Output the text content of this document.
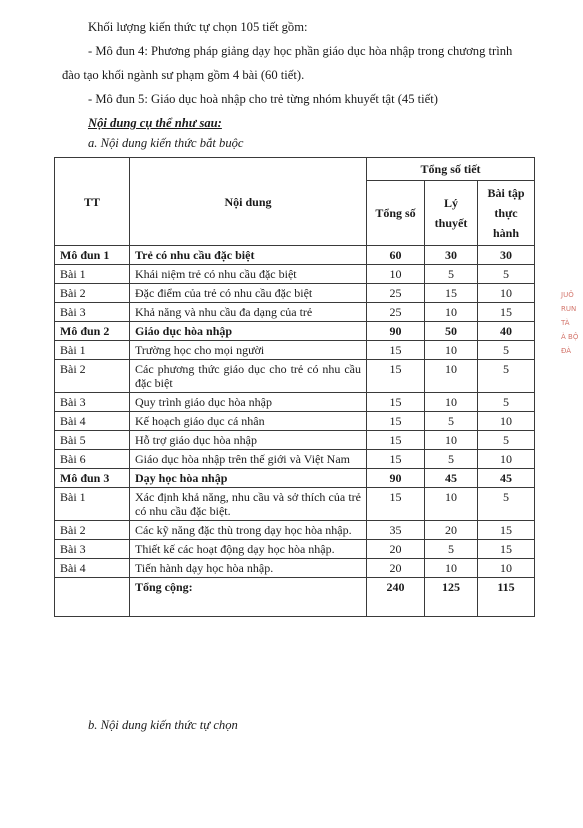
Khối lượng kiến thức tự chọn 105 tiết gồm:
- Mô đun 4: Phương pháp giảng dạy học phần giáo dục hòa nhập trong chương trình
đào tạo khối ngành sư phạm gồm 4 bài (60 tiết).
- Mô đun 5: Giáo dục hoà nhập cho trẻ từng nhóm khuyết tật (45 tiết)
Nội dung cụ thể như sau:
a. Nội dung kiến thức bắt buộc
TT	Nội dung	Tổng số tiết		
		Tổng số	Lý thuyết	Bài tập thực hành
Mô đun 1	Trẻ có nhu cầu đặc biệt	60	30	30
Bài 1	Khái niệm trẻ có nhu cầu đặc biệt	10	5	5
Bài 2	Đặc điểm của trẻ có nhu cầu đặc biệt	25	15	10
Bài 3	Khả năng và nhu cầu đa dạng của trẻ	25	10	15
Mô đun 2	Giáo dục hòa nhập	90	50	40
Bài 1	Trường học cho mọi người	15	10	5
Bài 2	Các phương thức giáo dục cho trẻ có nhu cầu đặc biệt	15	10	5
Bài 3	Quy trình giáo dục hòa nhập	15	10	5
Bài 4	Kế hoạch giáo dục cá nhân	15	5	10
Bài 5	Hỗ trợ giáo dục hòa nhập	15	10	5
Bài 6	Giáo dục hòa nhập trên thế giới và Việt Nam	15	5	10
Mô đun 3	Dạy học hòa nhập	90	45	45
Bài 1	Xác định khả năng, nhu cầu và sở thích của trẻ có nhu cầu đặc biệt.	15	10	5
Bài 2	Các kỹ năng đặc thù trong dạy học hòa nhập.	35	20	15
Bài 3	Thiết kế các hoạt động dạy học hòa nhập.	20	5	15
Bài 4	Tiến hành dạy học hòa nhập.	20	10	10
	Tổng cộng:	240	125	115
b. Nội dung kiến thức tự chọn
JUÔ
RUN
TÀ
À BỘ
ĐÀ
